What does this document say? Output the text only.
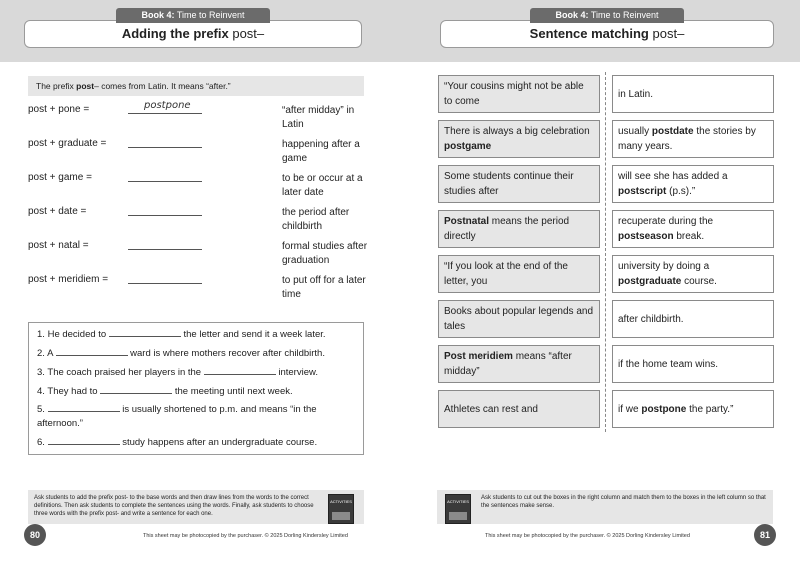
Adding the prefix post–
Book 4: Time to Reinvent
The prefix post– comes from Latin. It means “after.”
post + pone =	postpone	“after midday” in Latin
post + graduate =	happening after a game
post + game =	to be or occur at a later date
post + date =	the period after childbirth
post + natal =	formal studies after graduation
post + meridiem =	to put off for a later time
1. He decided to	the letter and send it a week later.
2. A	ward is where mothers recover after childbirth.
3. The coach praised her players in the	interview.
4. They had to	the meeting until next week.
5.	is usually shortened to p.m. and means “in the afternoon.”
6.	study happens after an undergraduate course.
Ask students to add the prefix post- to the base words and then draw lines from the words to the correct definitions. Then ask students to complete the sentences using the words. Finally, ask students to choose three words with the prefix post- and write a sentence for each one.
ACTIVITIES
80	This sheet may be photocopied by the purchaser. © 2025 Dorling Kindersley Limited
Sentence matching post–
Book 4: Time to Reinvent
“Your cousins might not be able to come
There is always a big celebration postgame
Some students continue their studies after
Postnatal means the period directly
“If you look at the end of the letter, you
Books about popular legends and tales
Post meridiem means “after midday”
Athletes can rest and
in Latin.
usually postdate the stories by many years.
will see she has added a postscript (p.s).”
recuperate during the postseason break.
university by doing a postgraduate course.
after childbirth.
if the home team wins.
if we postpone the party.”
Ask students to cut out the boxes in the right column and match them to the boxes in the left column so that the sentences make sense.
ACTIVITIES
81
This sheet may be photocopied by the purchaser. © 2025 Dorling Kindersley Limited
